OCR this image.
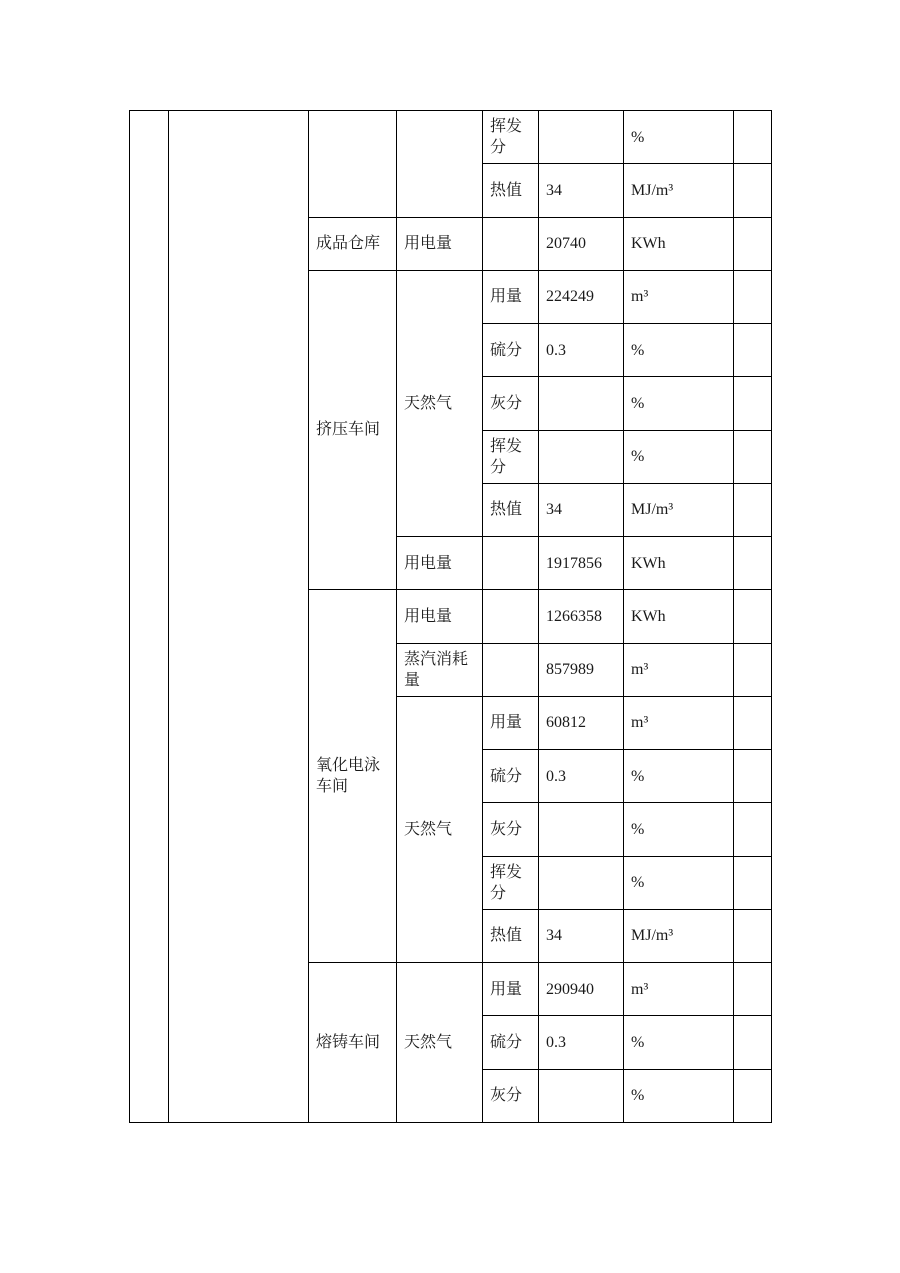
				挥发分		%	
				热值	34	MJ/m³	
		成品仓库	用电量		20740	KWh	
		挤压车间	天然气	用量	224249	m³	
				硫分	0.3	%	
				灰分		%	
				挥发分		%	
				热值	34	MJ/m³	
			用电量		1917856	KWh	
		氧化电泳车间	用电量		1266358	KWh	
			蒸汽消耗量		857989	m³	
			天然气	用量	60812	m³	
				硫分	0.3	%	
				灰分		%	
				挥发分		%	
				热值	34	MJ/m³	
		熔铸车间	天然气	用量	290940	m³	
				硫分	0.3	%	
				灰分		%	
